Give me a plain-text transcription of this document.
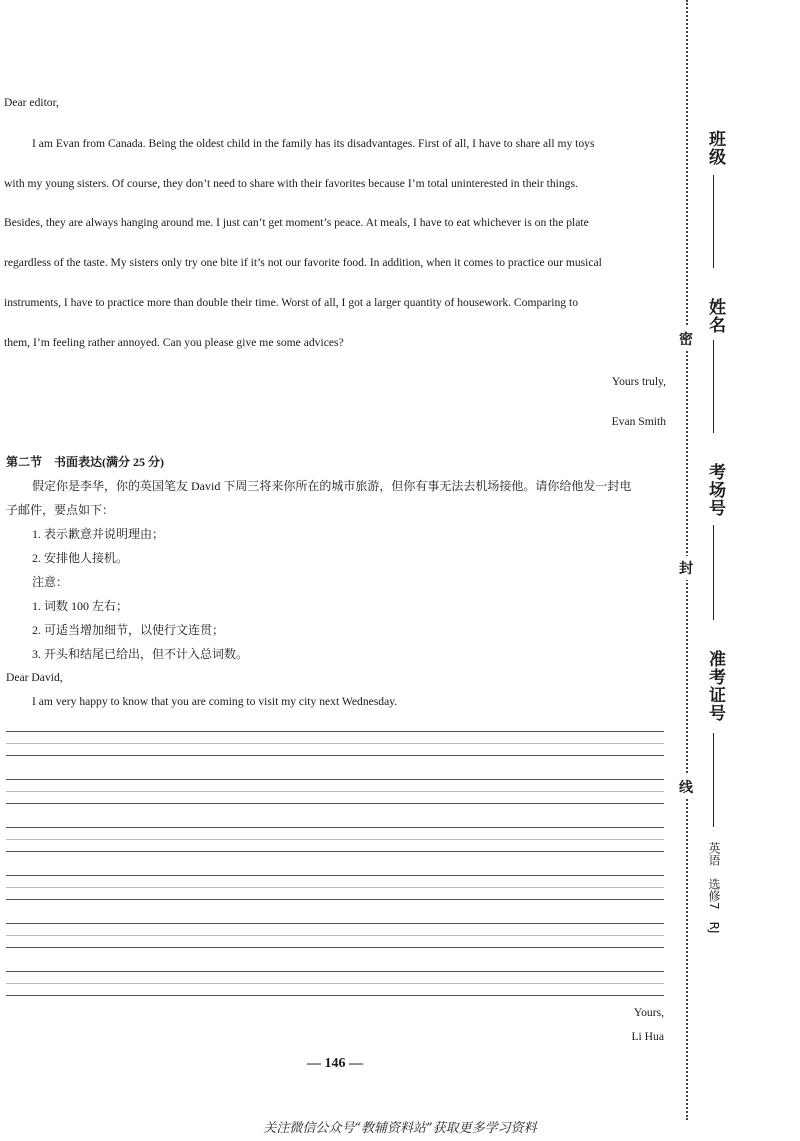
Dear editor,

I am Evan from Canada. Being the oldest child in the family has its disadvantages. First of all, I have to share all my toys

with my young sisters. Of course, they don’t need to share with their favorites because I’m total uninterested in their things.

Besides, they are always hanging around me. I just can’t get moment’s peace. At meals, I have to eat whichever is on the plate

regardless of the taste. My sisters only try one bite if it’s not our favorite food. In addition, when it comes to practice our musical

instruments, I have to practice more than double their time. Worst of all, I got a larger quantity of housework. Comparing to

them, I’m feeling rather annoyed. Can you please give me some advices?

Yours truly,

Evan Smith

第二节　书面表达(满分 25 分)
假定你是李华，你的英国笔友 David 下周三将来你所在的城市旅游，但你有事无法去机场接他。请你给他发一封电
子邮件，要点如下：
1. 表示歉意并说明理由；
2. 安排他人接机。
注意：
1. 词数 100 左右；
2. 可适当增加细节，以使行文连贯；
3. 开头和结尾已给出，但不计入总词数。
Dear David,
I am very happy to know that you are coming to visit my city next Wednesday.
Yours,
Li Hua
— 146 —
关注微信公众号“教辅资料站”获取更多学习资料
密
封
线
班级
姓名
考场号
准考证号
英语　选修7　RJ
